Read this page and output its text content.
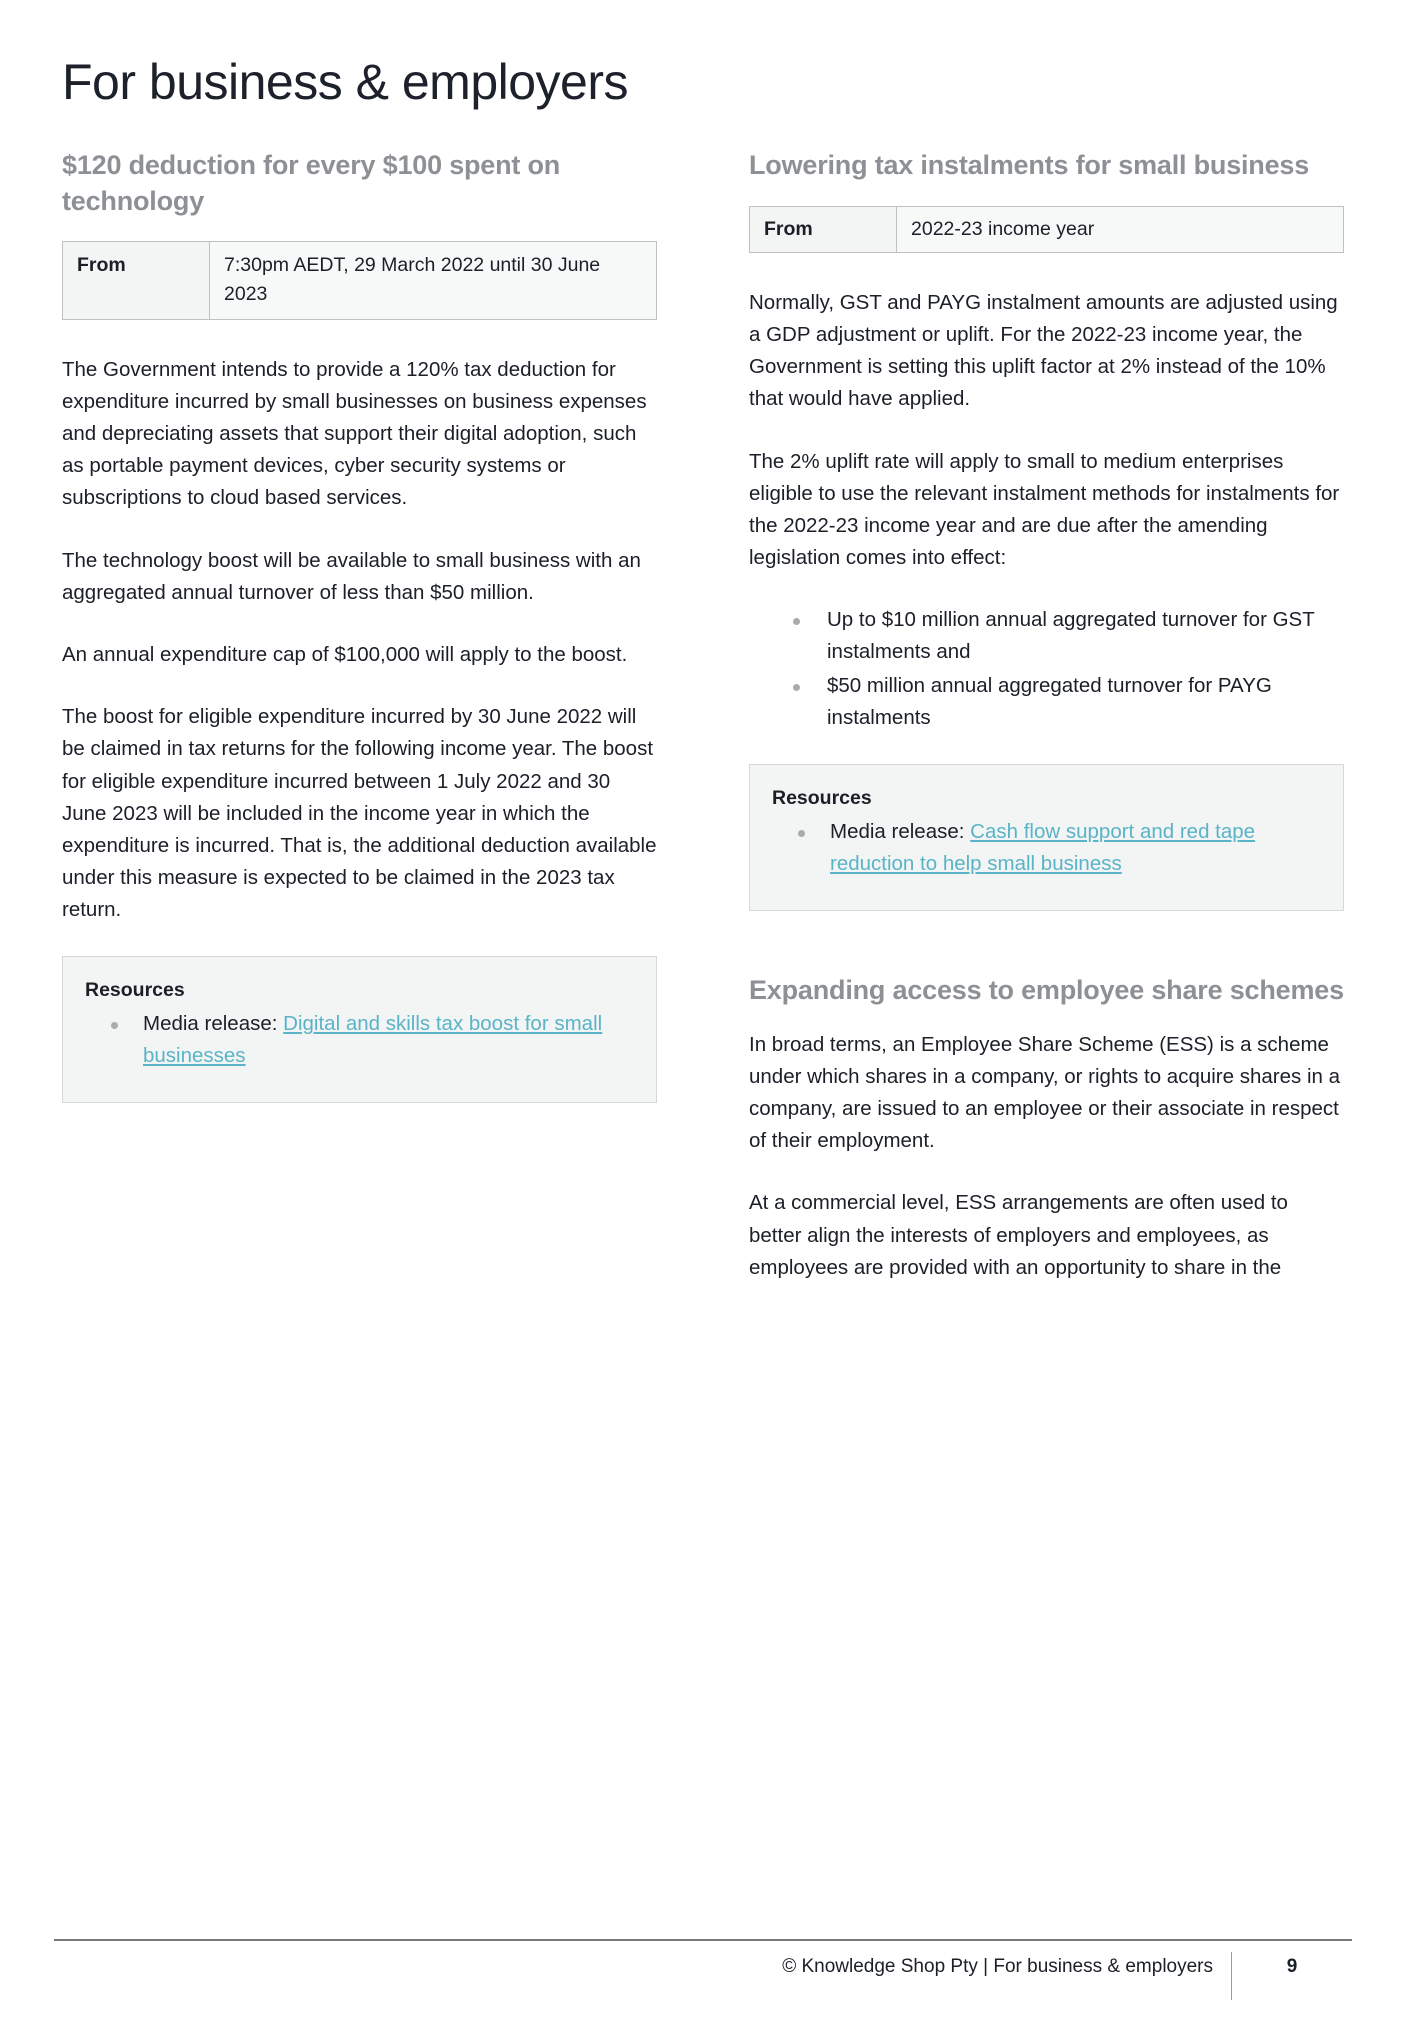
For business & employers
$120 deduction for every $100 spent on technology
From	7:30pm AEDT, 29 March 2022 until 30 June 2023

The Government intends to provide a 120% tax deduction for expenditure incurred by small businesses on business expenses and depreciating assets that support their digital adoption, such as portable payment devices, cyber security systems or subscriptions to cloud based services.

The technology boost will be available to small business with an aggregated annual turnover of less than $50 million.

An annual expenditure cap of $100,000 will apply to the boost.

The boost for eligible expenditure incurred by 30 June 2022 will be claimed in tax returns for the following income year. The boost for eligible expenditure incurred between 1 July 2022 and 30 June 2023 will be included in the income year in which the expenditure is incurred. That is, the additional deduction available under this measure is expected to be claimed in the 2023 tax return.

Resources
Media release: Digital and skills tax boost for small businesses
Lowering tax instalments for small business
From	2022-23 income year

Normally, GST and PAYG instalment amounts are adjusted using a GDP adjustment or uplift. For the 2022-23 income year, the Government is setting this uplift factor at 2% instead of the 10% that would have applied.

The 2% uplift rate will apply to small to medium enterprises eligible to use the relevant instalment methods for instalments for the 2022-23 income year and are due after the amending legislation comes into effect:

Up to $10 million annual aggregated turnover for GST instalments and
$50 million annual aggregated turnover for PAYG instalments
Resources
Media release: Cash flow support and red tape reduction to help small business
Expanding access to employee share schemes

In broad terms, an Employee Share Scheme (ESS) is a scheme under which shares in a company, or rights to acquire shares in a company, are issued to an employee or their associate in respect of their employment.

At a commercial level, ESS arrangements are often used to better align the interests of employers and employees, as employees are provided with an opportunity to share in the

© Knowledge Shop Pty | For business & employers	9
